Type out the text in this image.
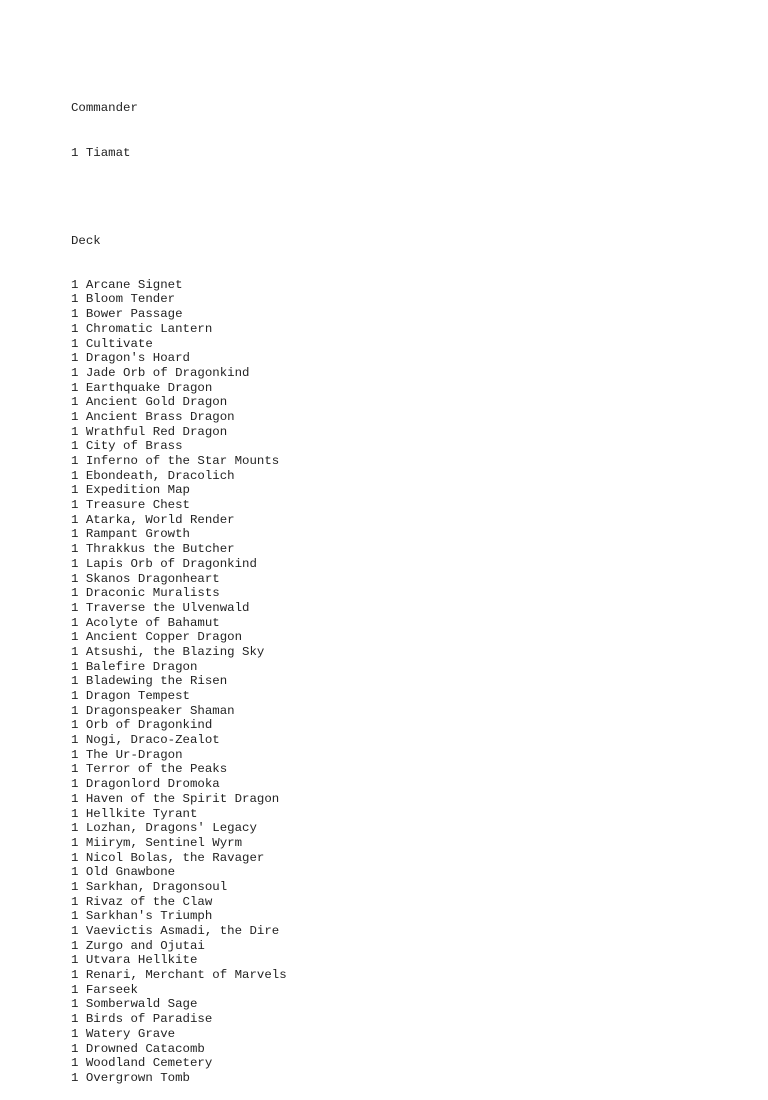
Commander

1 Tiamat

Deck

1 Arcane Signet
1 Bloom Tender
1 Bower Passage
1 Chromatic Lantern
1 Cultivate
1 Dragon's Hoard
1 Jade Orb of Dragonkind
1 Earthquake Dragon
1 Ancient Gold Dragon
1 Ancient Brass Dragon
1 Wrathful Red Dragon
1 City of Brass
1 Inferno of the Star Mounts
1 Ebondeath, Dracolich
1 Expedition Map
1 Treasure Chest
1 Atarka, World Render
1 Rampant Growth
1 Thrakkus the Butcher
1 Lapis Orb of Dragonkind
1 Skanos Dragonheart
1 Draconic Muralists
1 Traverse the Ulvenwald
1 Acolyte of Bahamut
1 Ancient Copper Dragon
1 Atsushi, the Blazing Sky
1 Balefire Dragon
1 Bladewing the Risen
1 Dragon Tempest
1 Dragonspeaker Shaman
1 Orb of Dragonkind
1 Nogi, Draco-Zealot
1 The Ur-Dragon
1 Terror of the Peaks
1 Dragonlord Dromoka
1 Haven of the Spirit Dragon
1 Hellkite Tyrant
1 Lozhan, Dragons' Legacy
1 Miirym, Sentinel Wyrm
1 Nicol Bolas, the Ravager
1 Old Gnawbone
1 Sarkhan, Dragonsoul
1 Rivaz of the Claw
1 Sarkhan's Triumph
1 Vaevictis Asmadi, the Dire
1 Zurgo and Ojutai
1 Utvara Hellkite
1 Renari, Merchant of Marvels
1 Farseek
1 Somberwald Sage
1 Birds of Paradise
1 Watery Grave
1 Drowned Catacomb
1 Woodland Cemetery
1 Overgrown Tomb
